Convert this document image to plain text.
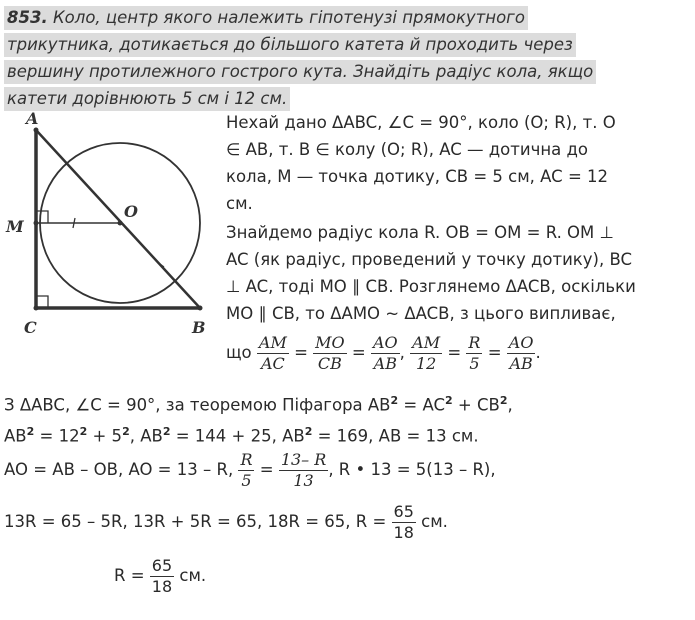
853. Коло, центр якого належить гіпотенузі прямокутного
трикутника, дотикається до більшого катета й проходить через
вершину протилежного гострого кута. Знайдіть радіус кола, якщо
катети дорівнюють 5 см і 12 см.
A
M
O
C	B
Нехай дано ΔABC, ∠C = 90°, коло (O; R), т. O
∈ AB, т. B ∈ колу (O; R), AC — дотична до
кола, M — точка дотику, CB = 5 см, AC = 12
см.
Знайдемо радіус кола R. OB = OM = R. OM ⊥
AC (як радіус, проведений у точку дотику), BC
⊥ AC, тоді MO ∥ CB. Розглянемо ΔACB, оскільки
MO ∥ CB, то ΔAMO ~ ΔACB, з цього випливає,
що $\frac{AM}{AC} = \frac{MO}{CB} = \frac{AO}{AB}$ , $\frac{AM}{12} = \frac{R}{5} = \frac{AO}{AB}$ .
З ΔABC, ∠C = 90°, за теоремою Піфагора $AB^2 = AC^2 + CB^2$,
$AB^2 = 12^2 + 5^2$, $AB^2 = 144 + 25$, $AB^2 = 169$, AB = 13 см.
AO = AB – OB, AO = 13 – R, $\frac{R}{5} = \frac{13- R}{13}$ , R • 13 = 5(13 – R),
13R = 65 – 5R, 13R + 5R = 65, 18R = 65, $R = \frac{65}{18}$ см.
$R = \frac{65}{18}$ см.
